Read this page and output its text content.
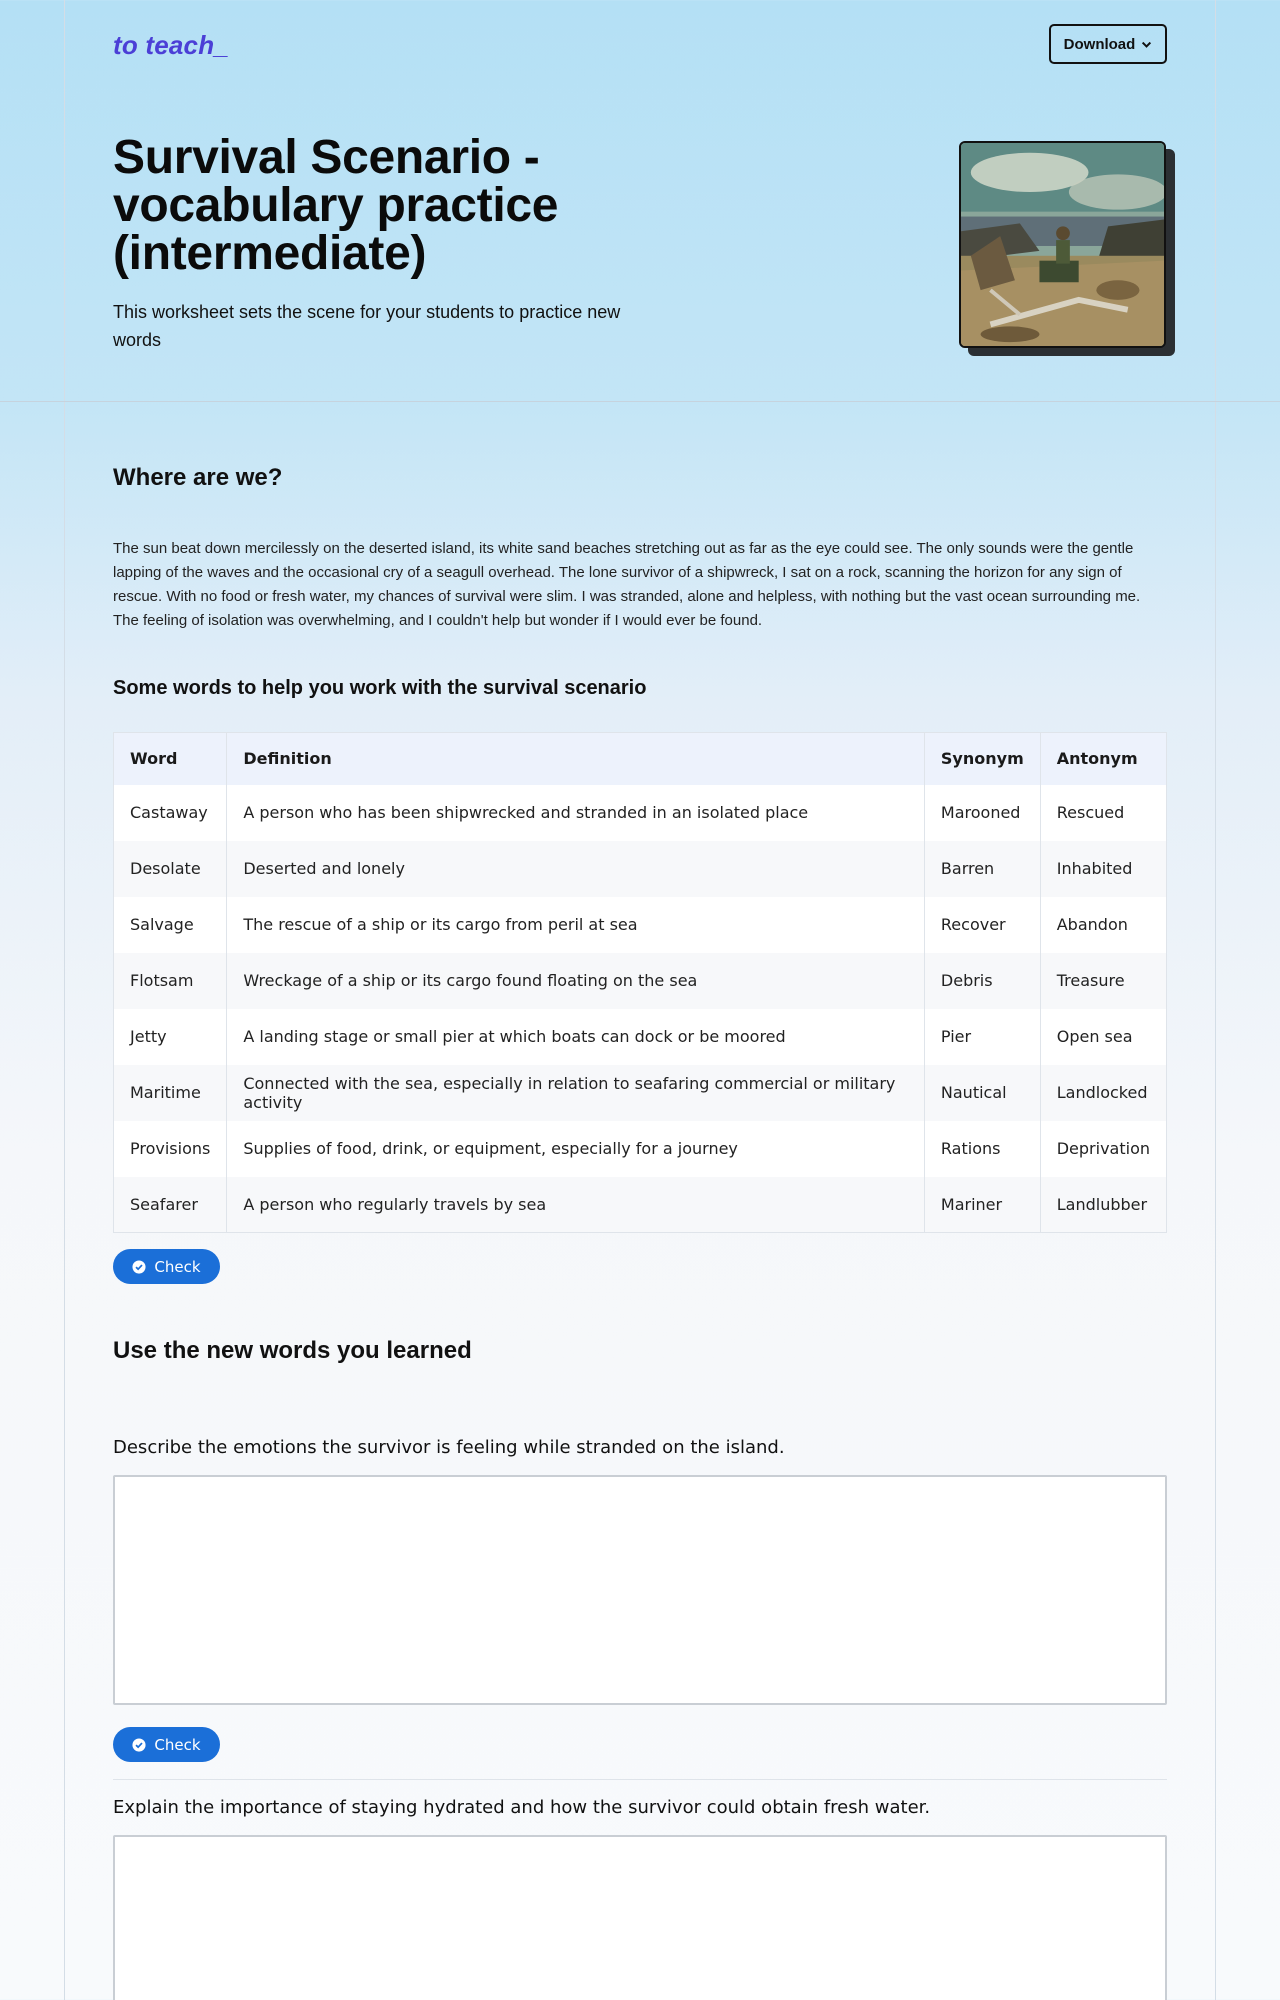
to teach_	Download
Survival Scenario - vocabulary practice (intermediate)

This worksheet sets the scene for your students to practice new words

Where are we?

The sun beat down mercilessly on the deserted island, its white sand beaches stretching out as far as the eye could see. The only sounds were the gentle lapping of the waves and the occasional cry of a seagull overhead. The lone survivor of a shipwreck, I sat on a rock, scanning the horizon for any sign of rescue. With no food or fresh water, my chances of survival were slim. I was stranded, alone and helpless, with nothing but the vast ocean surrounding me. The feeling of isolation was overwhelming, and I couldn't help but wonder if I would ever be found.

Some words to help you work with the survival scenario
Word	Definition	Synonym	Antonym
Castaway	A person who has been shipwrecked and stranded in an isolated place	Marooned	Rescued
Desolate	Deserted and lonely	Barren	Inhabited
Salvage	The rescue of a ship or its cargo from peril at sea	Recover	Abandon
Flotsam	Wreckage of a ship or its cargo found floating on the sea	Debris	Treasure
Jetty	A landing stage or small pier at which boats can dock or be moored	Pier	Open sea
Maritime	Connected with the sea, especially in relation to seafaring commercial or military activity	Nautical	Landlocked
Provisions	Supplies of food, drink, or equipment, especially for a journey	Rations	Deprivation
Seafarer	A person who regularly travels by sea	Mariner	Landlubber
Check
Use the new words you learned

Describe the emotions the survivor is feeling while stranded on the island.

Check

Explain the importance of staying hydrated and how the survivor could obtain fresh water.
